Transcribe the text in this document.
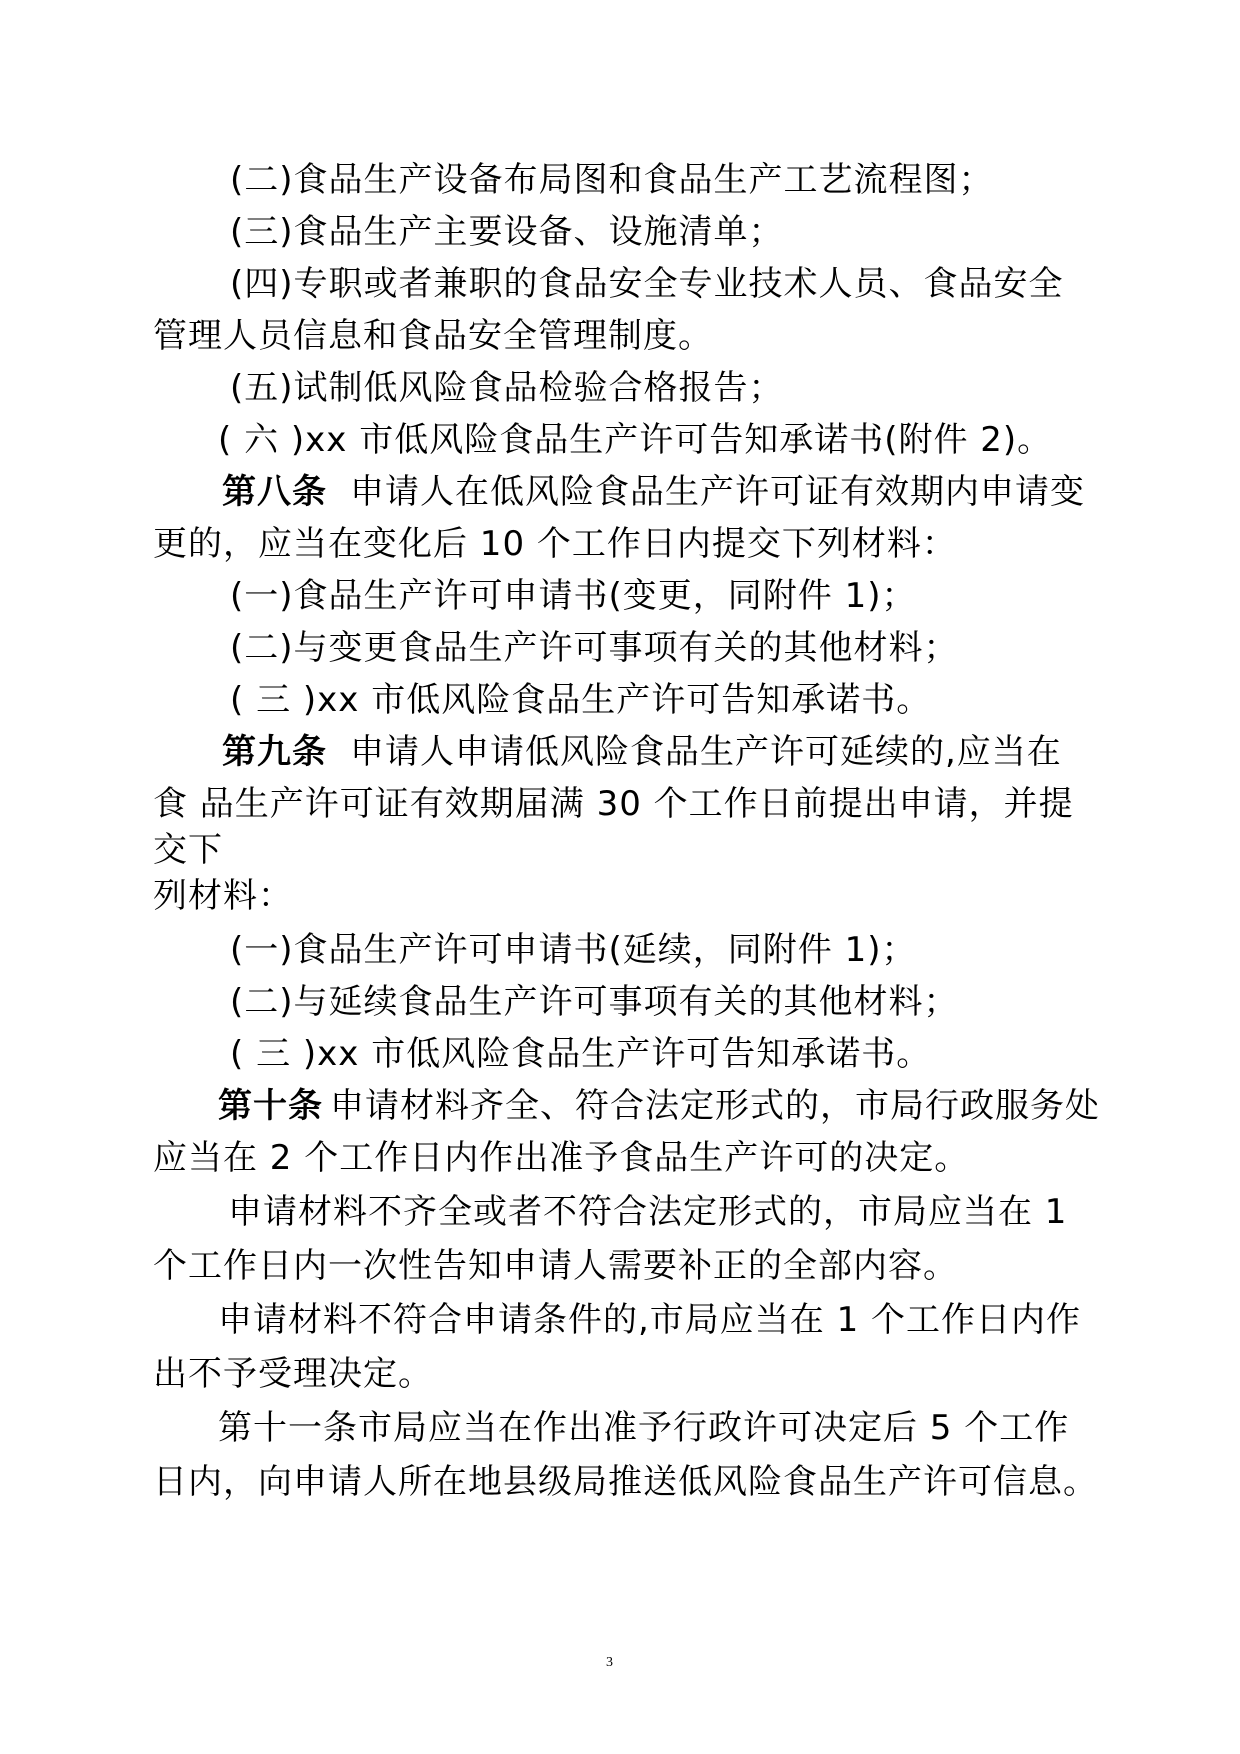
(二)食品生产设备布局图和食品生产工艺流程图；
(三)食品生产主要设备、设施清单；
(四)专职或者兼职的食品安全专业技术人员、食品安全
管理人员信息和食品安全管理制度。
(五)试制低风险食品检验合格报告；
( 六 )xx 市低风险食品生产许可告知承诺书(附件 2)。
第八条 申请人在低风险食品生产许可证有效期内申请变
更的，应当在变化后 10 个工作日内提交下列材料：
(一)食品生产许可申请书(变更，同附件 1)；
(二)与变更食品生产许可事项有关的其他材料；
( 三 )xx 市低风险食品生产许可告知承诺书。
第九条 申请人申请低风险食品生产许可延续的,应当在
食 品生产许可证有效期届满 30 个工作日前提出申请，并提
交下
列材料：
(一)食品生产许可申请书(延续，同附件 1)；
(二)与延续食品生产许可事项有关的其他材料；
( 三 )xx 市低风险食品生产许可告知承诺书。
第十条 申请材料齐全、符合法定形式的，市局行政服务处
应当在 2 个工作日内作出准予食品生产许可的决定。
申请材料不齐全或者不符合法定形式的，市局应当在 1
个工作日内一次性告知申请人需要补正的全部内容。
申请材料不符合申请条件的,市局应当在 1 个工作日内作
出不予受理决定。
第十一条市局应当在作出准予行政许可决定后 5 个工作
日内，向申请人所在地县级局推送低风险食品生产许可信息。
3
